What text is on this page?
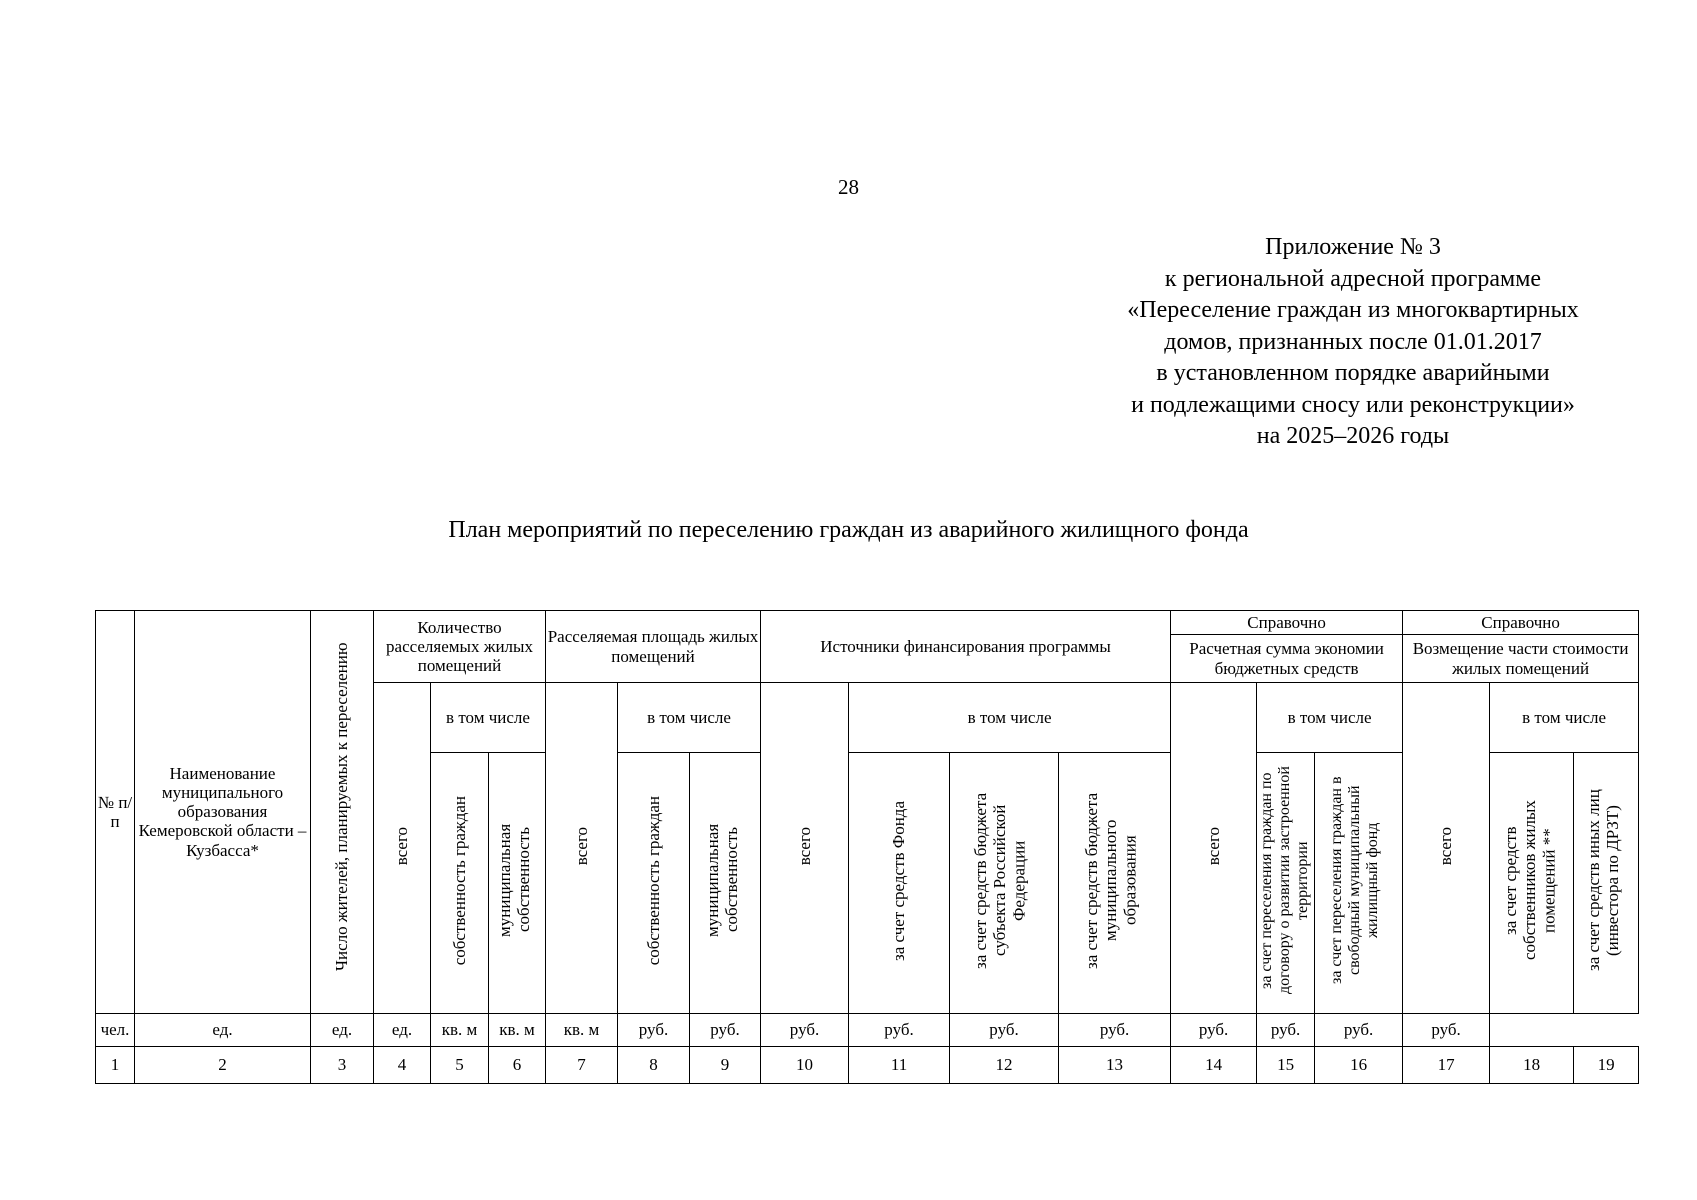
28
Приложение № 3
к региональной адресной программе
«Переселение граждан из многоквартирных
домов, признанных после 01.01.2017
в установленном порядке аварийными
и подлежащими сносу или реконструкции»
на 2025–2026 годы
План мероприятий по переселению граждан из аварийного жилищного фонда
№ п/п	Наименование муниципального образования Кемеровской области – Кузбасса*	Число жителей, планируемых к переселению	Количество расселяемых жилых помещений			Расселяемая площадь жилых помещений			Источники финансирования программы				Справочно			Справочно		
													Расчетная сумма экономии бюджетных средств			Возмещение части стоимости жилых помещений		
			всего	в том числе		всего	в том числе		всего	в том числе			всего	в том числе		всего	в том числе	
				собственность граждан	муниципальная собственность		собственность граждан	муниципальная собственность		за счет средств Фонда	за счет средств бюджета субъекта Российской Федерации	за счет средств бюджета муниципального образования		за счет переселения граждан по договору о развитии застроенной территории	за счет переселения граждан в свободный муниципальный жилищный фонд		за счет средств собственников жилых помещений **	за счет средств иных лиц (инвестора по ДРЗТ)
чел.	ед.	ед.	ед.	кв. м	кв. м	кв. м	руб.	руб.	руб.	руб.	руб.	руб.	руб.	руб.	руб.	руб.		
1	2	3	4	5	6	7	8	9	10	11	12	13	14	15	16	17	18	19
